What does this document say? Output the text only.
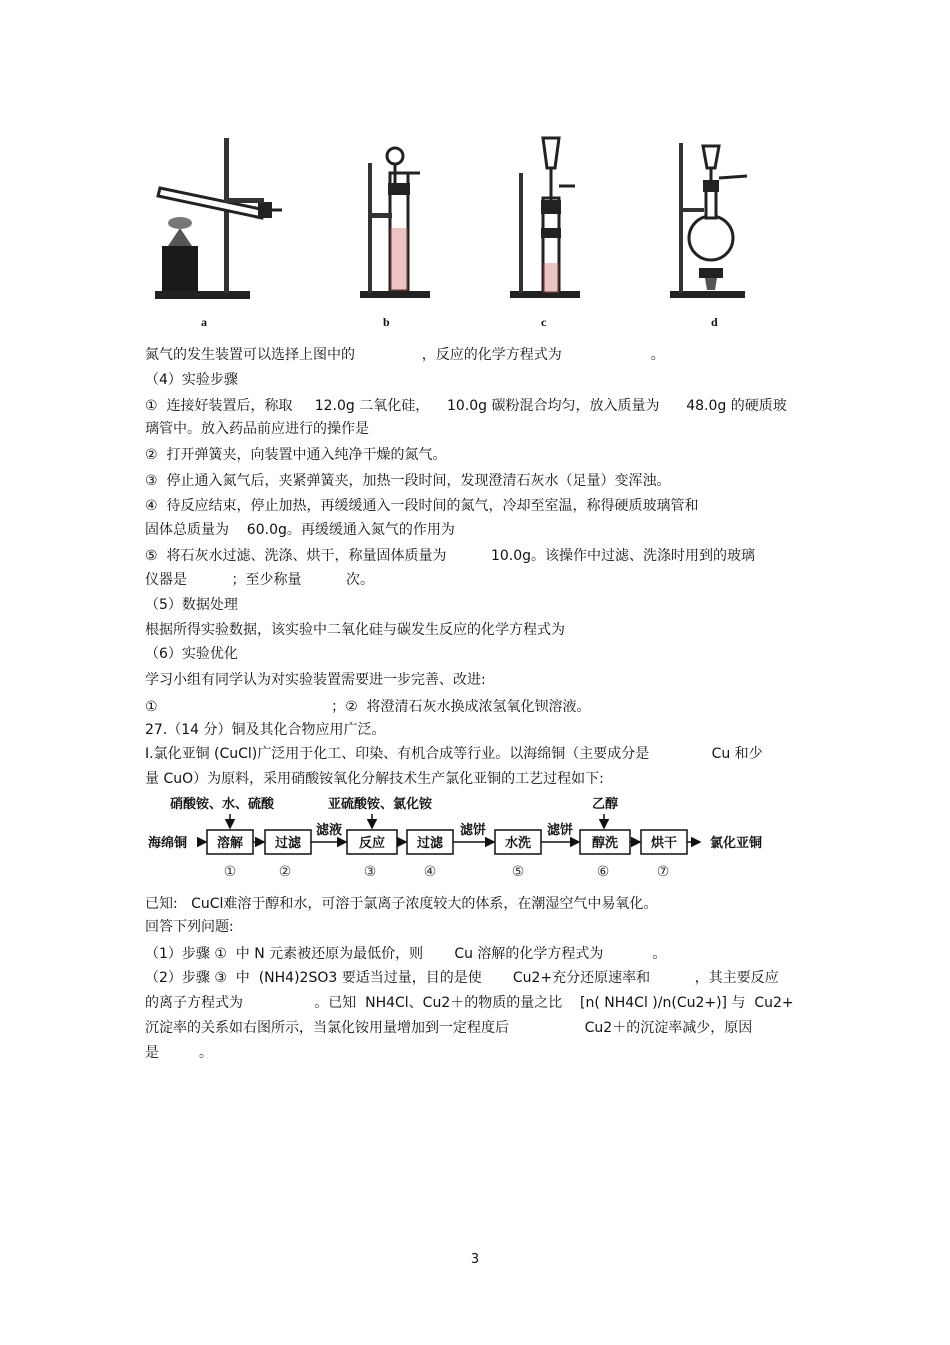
a	b	c	d
氮气的发生装置可以选择上图中的               ，反应的化学方程式为                    。
（4）实验步骤
①  连接好装置后，称取     12.0g 二氧化硅，    10.0g 碳粉混合均匀，放入质量为      48.0g 的硬质玻
璃管中。放入药品前应进行的操作是
②  打开弹簧夹，向装置中通入纯净干燥的氮气。
③  停止通入氮气后，夹紧弹簧夹，加热一段时间，发现澄清石灰水（足量）变浑浊。
④  待反应结束，停止加热，再缓缓通入一段时间的氮气，冷却至室温，称得硬质玻璃管和
固体总质量为    60.0g。再缓缓通入氮气的作用为
⑤  将石灰水过滤、洗涤、烘干，称量固体质量为          10.0g。该操作中过滤、洗涤时用到的玻璃
仪器是          ；至少称量          次。
（5）数据处理
根据所得实验数据，该实验中二氧化硅与碳发生反应的化学方程式为
（6）实验优化
学习小组有同学认为对实验装置需要进一步完善、改进:
①                                       ；②  将澄清石灰水换成浓氢氧化钡溶液。
27.（14 分）铜及其化合物应用广泛。
Ⅰ.氯化亚铜 (CuCl)广泛用于化工、印染、有机合成等行业。以海绵铜（主要成分是              Cu 和少
量 CuO）为原料，采用硝酸铵氧化分解技术生产氯化亚铜的工艺过程如下:
海绵铜
硝酸铵、水、硫酸	亚硫酸铵、氯化铵	乙醇
溶解 过滤	反应 过滤	水洗	醇洗	烘干
滤液	滤饼	滤饼
氯化亚铜
①	②	③	④	⑤	⑥	⑦
已知:   CuCl难溶于醇和水，可溶于氯离子浓度较大的体系，在潮湿空气中易氧化。
回答下列问题:
（1）步骤 ①  中 N 元素被还原为最低价，则       Cu 溶解的化学方程式为           。
（2）步骤 ③  中  (NH4)2SO3 要适当过量，目的是使       Cu2+充分还原速率和          ，其主要反应
的离子方程式为                。已知  NH4Cl、Cu2＋的物质的量之比    [n( NH4Cl )/n(Cu2+)] 与  Cu2+
沉淀率的关系如右图所示，当氯化铵用量增加到一定程度后                 Cu2＋的沉淀率减少，原因
是         。
3
